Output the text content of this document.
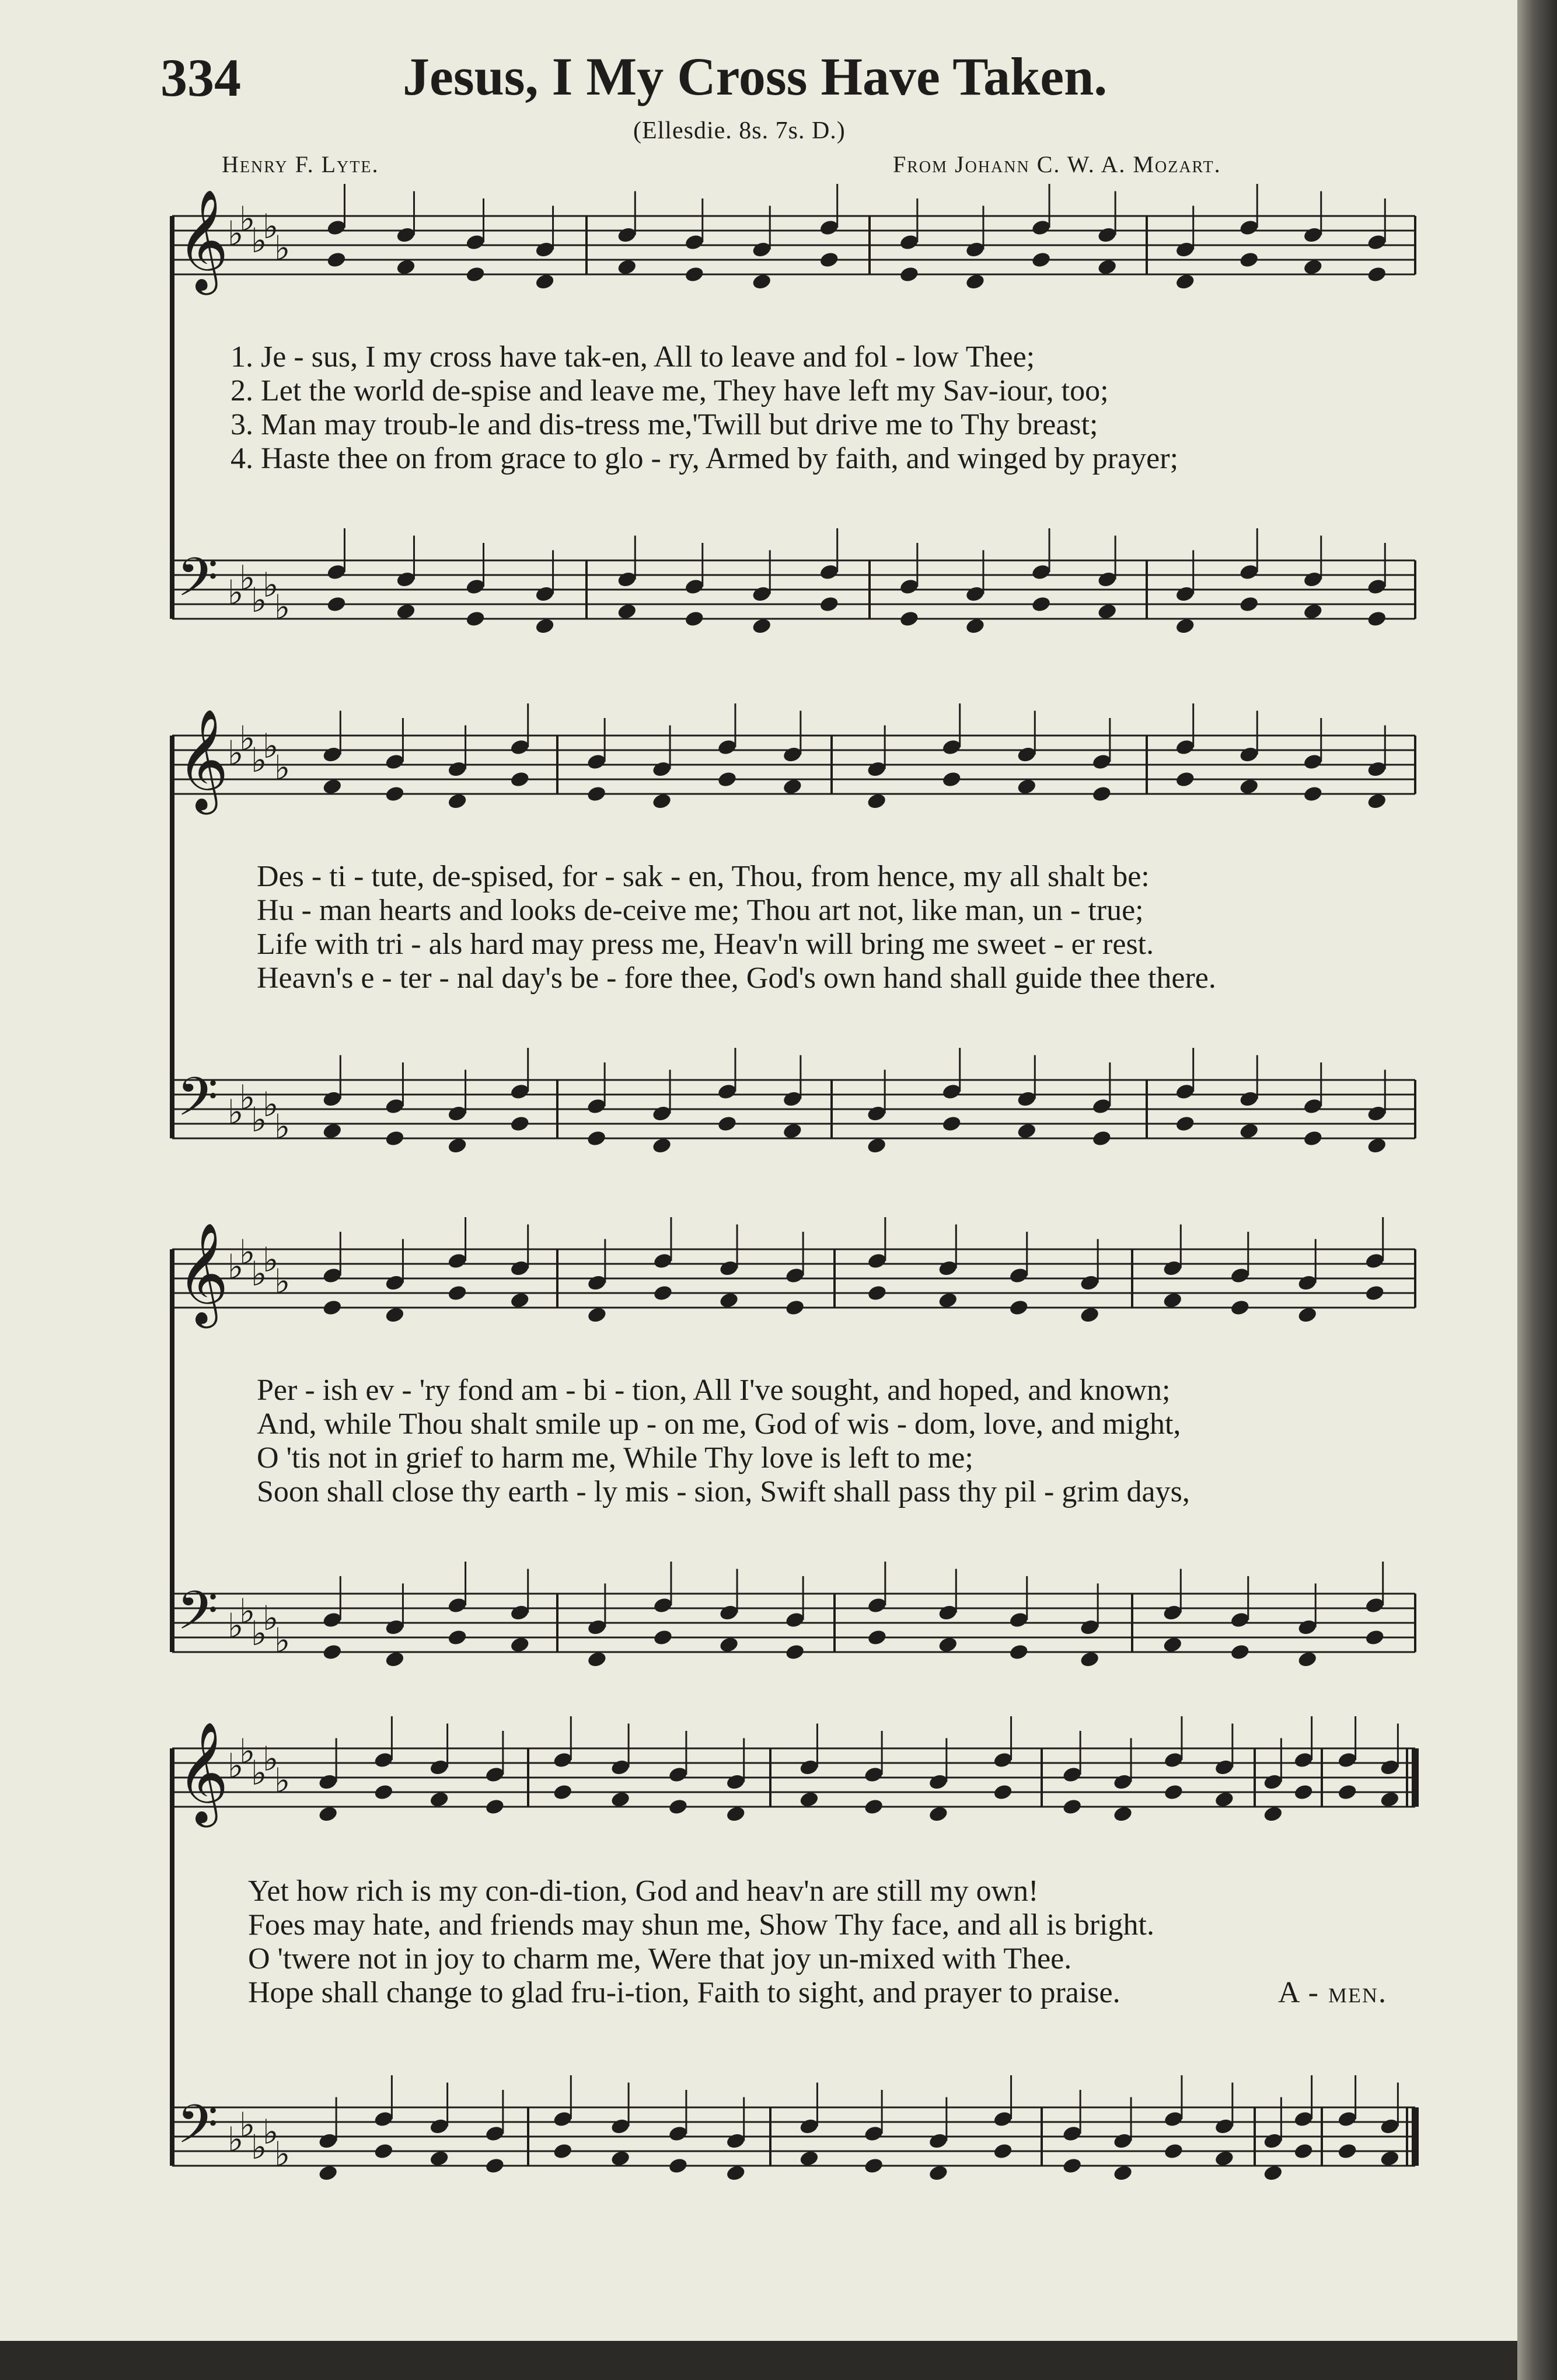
334	Jesus, I My Cross Have Taken.
(Ellesdie. 8s. 7s. D.)
Henry F. Lyte.	From Johann C. W. A. Mozart.
𝄞
♭
♭
♭
♭
♭
𝄢 ♭
♭
♭
♭
♭
𝄞
♭
♭
♭
♭
♭
𝄢 ♭
♭
♭
♭
♭
𝄞
♭
♭
♭
♭
♭
𝄢 ♭
♭
♭
♭
♭
𝄞
♭
♭
♭
♭
♭
𝄢 ♭
♭
♭
♭
♭
1. Je - sus, I my cross have tak-en, All to leave and fol - low Thee;
2. Let the world de-spise and leave me, They have left my Sav-iour, too;
3. Man may troub-le and dis-tress me,'Twill but drive me to Thy breast;
4. Haste thee on from grace to glo - ry, Armed by faith, and winged by prayer;
Des - ti - tute, de-spised, for - sak - en, Thou, from hence, my all shalt be:
Hu - man hearts and looks de-ceive me; Thou art not, like man, un - true;
Life with tri - als hard may press me, Heav'n will bring me sweet - er rest.
Heavn's e - ter - nal day's be - fore thee, God's own hand shall guide thee there.
Per - ish ev - 'ry fond am - bi - tion, All I've sought, and hoped, and known;
And, while Thou shalt smile up - on me, God of wis - dom, love, and might,
O 'tis not in grief to harm me, While Thy love is left to me;
Soon shall close thy earth - ly mis - sion, Swift shall pass thy pil - grim days,
Yet how rich is my con-di-tion, God and heav'n are still my own!
Foes may hate, and friends may shun me, Show Thy face, and all is bright.
O 'twere not in joy to charm me, Were that joy un-mixed with Thee.
Hope shall change to glad fru-i-tion, Faith to sight, and prayer to praise.	A - men.
